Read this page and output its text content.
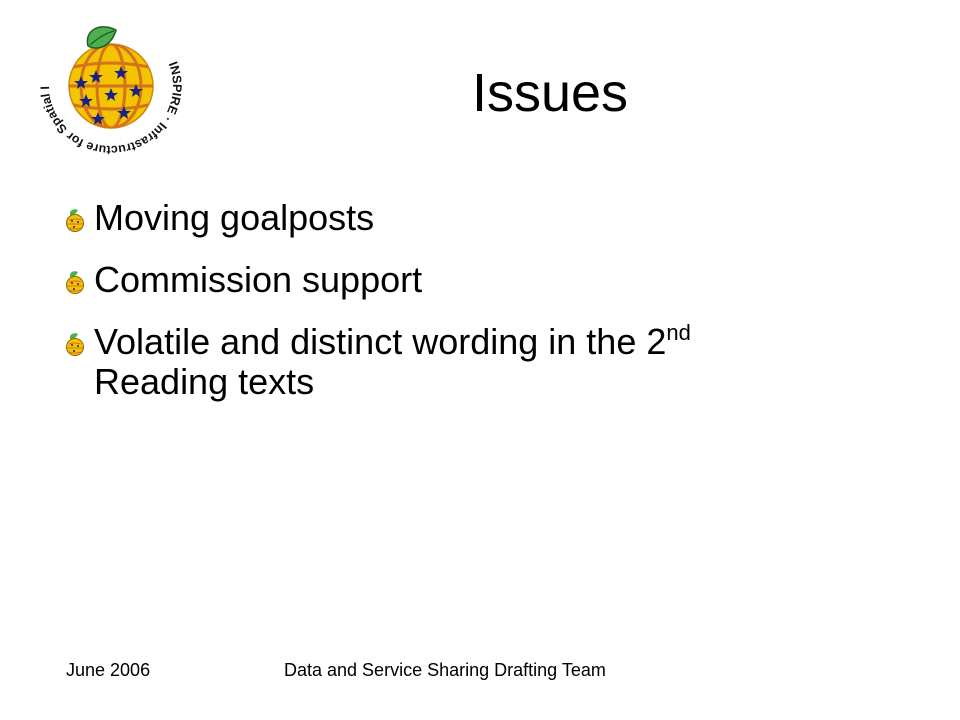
INSPIRE · Infrastructure for Spatial I	Issues
Moving goalposts
Commission support
Volatile and distinct wording in the 2nd
Reading texts
June 2006	Data and Service Sharing Drafting Team
